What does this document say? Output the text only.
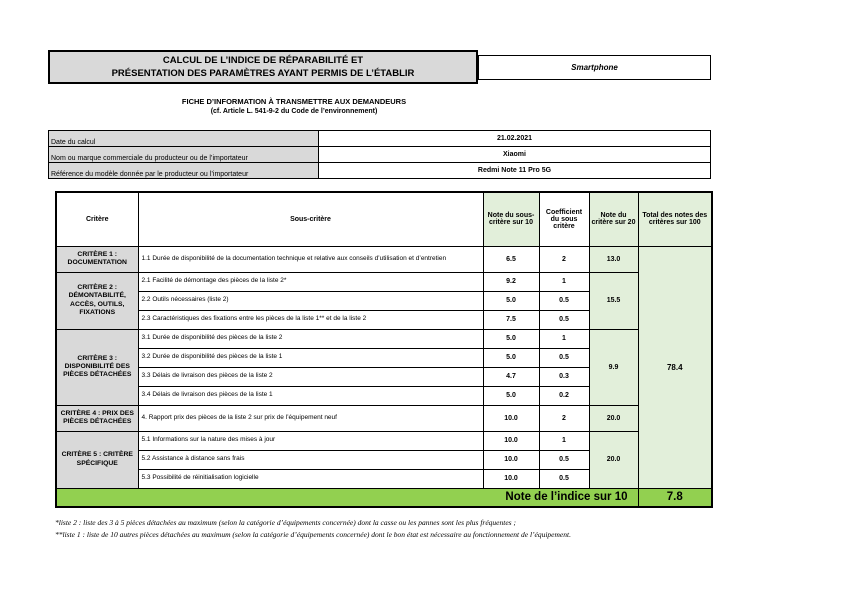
CALCUL DE L’INDICE DE RÉPARABILITÉ ET
PRÉSENTATION DES PARAMÈTRES AYANT PERMIS DE L’ÉTABLIR
Smartphone
FICHE D’INFORMATION À TRANSMETTRE AUX DEMANDEURS
(cf. Article L. 541-9-2 du Code de l’environnement)
Date du calcul	21.02.2021
Nom ou marque commerciale du producteur ou de l’importateur	Xiaomi
Référence du modèle donnée par le producteur ou l’importateur	Redmi Note 11 Pro 5G
Critère	Sous-critère	Note du sous-critère sur 10	Coefficient du sous critère	Note du critère sur 20	Total des notes des critères sur 100
CRITÈRE 1 : DOCUMENTATION	1.1 Durée de disponibilité de la documentation technique et relative aux conseils d’utilisation et d’entretien	6.5	2	13.0	78.4
CRITÈRE 2 : DÉMONTABILITÉ, ACCÈS, OUTILS, FIXATIONS	2.1 Facilité de démontage des pièces de la liste 2*	9.2	1	15.5	
	2.2 Outils nécessaires (liste 2)	5.0	0.5		
	2.3 Caractéristiques des fixations entre les pièces de la liste 1** et de la liste 2	7.5	0.5		
CRITÈRE 3 : DISPONIBILITÉ DES PIÈCES DÉTACHÉES	3.1 Durée de disponibilité des pièces de la liste 2	5.0	1	9.9	
	3.2 Durée de disponibilité des pièces de la liste 1	5.0	0.5		
	3.3 Délais de livraison des pièces de la liste 2	4.7	0.3		
	3.4 Délais de livraison des pièces de la liste 1	5.0	0.2		
CRITÈRE 4 : PRIX DES PIÈCES DÉTACHÉES	4. Rapport prix des pièces de la liste 2 sur prix de l’équipement neuf	10.0	2	20.0	
CRITÈRE 5 : CRITÈRE SPÉCIFIQUE	5.1 Informations sur la nature des mises à jour	10.0	1	20.0	
	5.2 Assistance à distance sans frais	10.0	0.5		
	5.3 Possibilité de réinitialisation logicielle	10.0	0.5		
Note de l’indice sur 10					7.8
*liste 2 : liste des 3 à 5 pièces détachées au maximum (selon la catégorie d’équipements concernée) dont la casse ou les pannes sont les plus fréquentes ;
**liste 1 : liste de 10 autres pièces détachées au maximum (selon la catégorie d’équipements concernée) dont le bon état est nécessaire au fonctionnement de l’équipement.
